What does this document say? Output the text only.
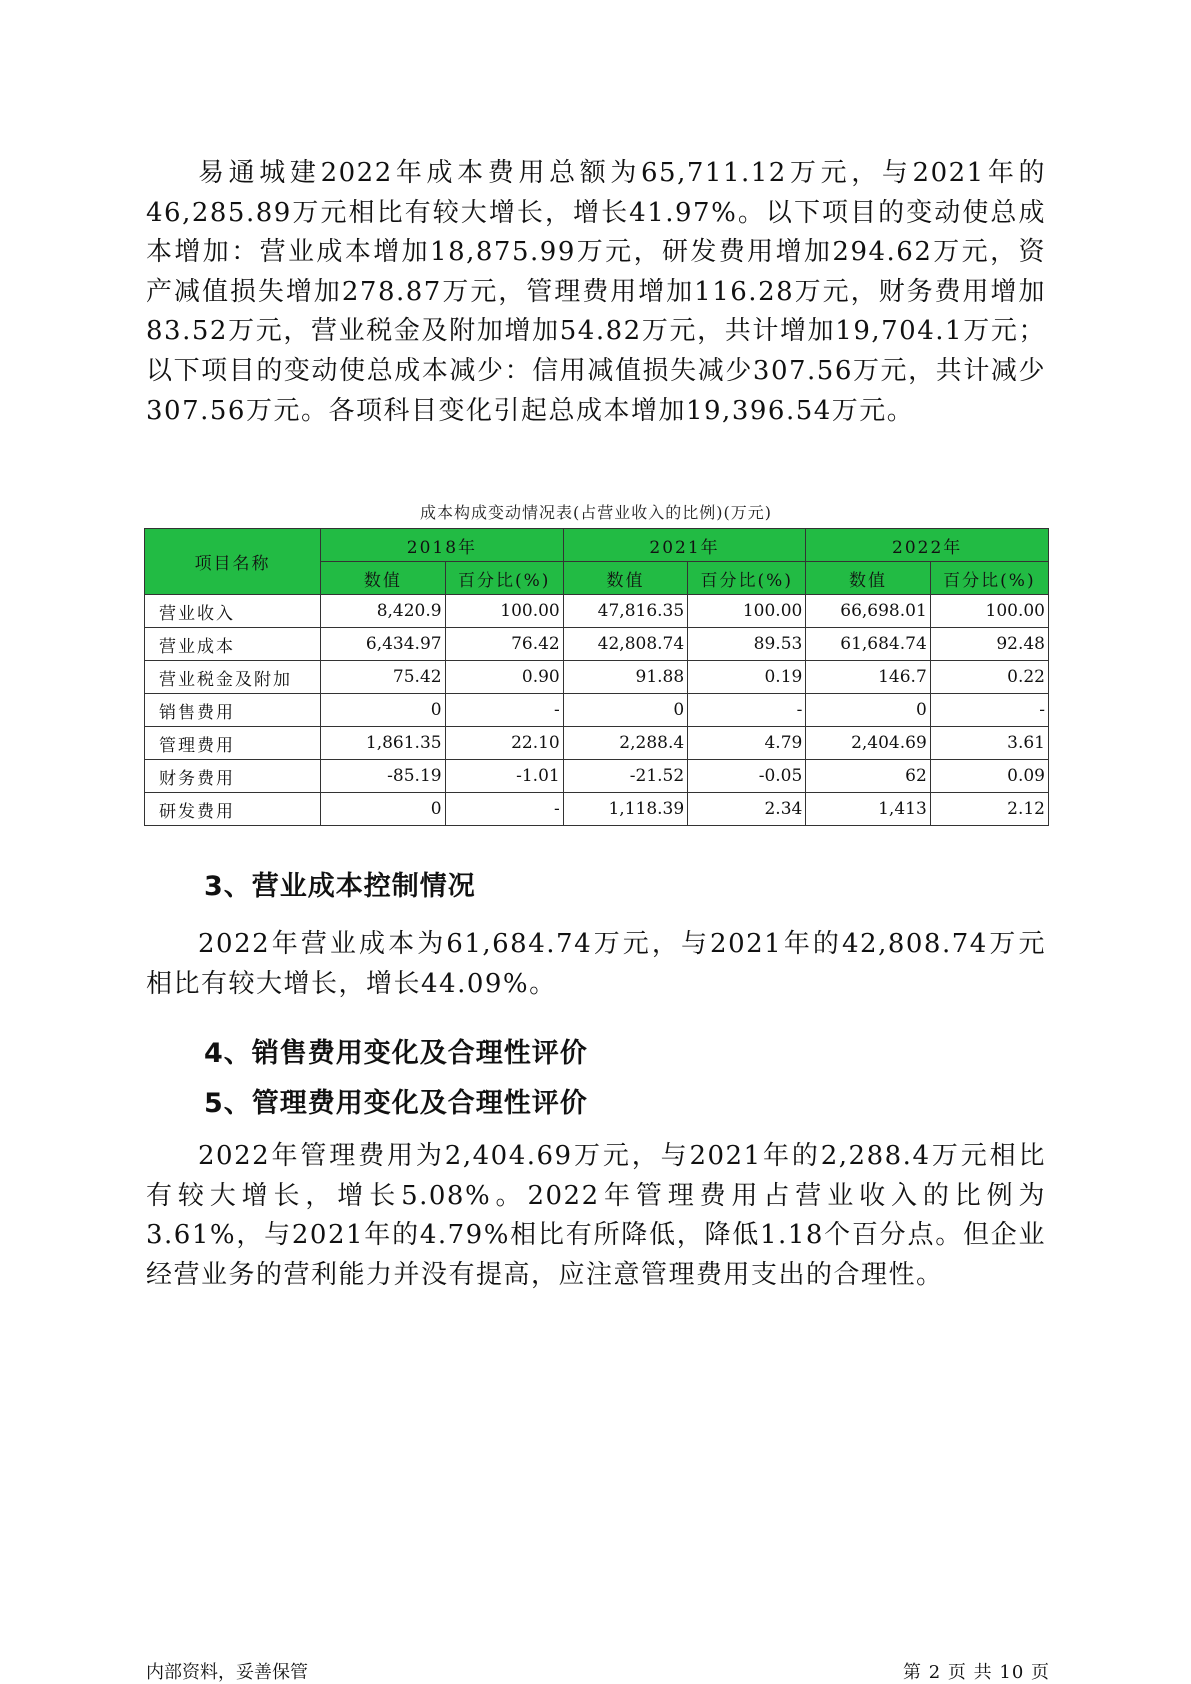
易通城建2022年成本费用总额为65,711.12万元，与2021年的46,285.89万元相比有较大增长，增长41.97%。以下项目的变动使总成本增加：营业成本增加18,875.99万元，研发费用增加294.62万元，资产减值损失增加278.87万元，管理费用增加116.28万元，财务费用增加83.52万元，营业税金及附加增加54.82万元，共计增加19,704.1万元；以下项目的变动使总成本减少：信用减值损失减少307.56万元，共计减少307.56万元。各项科目变化引起总成本增加19,396.54万元。

成本构成变动情况表(占营业收入的比例)(万元)
项目名称	2018年		2021年		2022年	
	数值	百分比(%)	数值	百分比(%)	数值	百分比(%)
营业收入	8,420.9	100.00	47,816.35	100.00	66,698.01	100.00
营业成本	6,434.97	76.42	42,808.74	89.53	61,684.74	92.48
营业税金及附加	75.42	0.90	91.88	0.19	146.7	0.22
销售费用	0	-	0	-	0	-
管理费用	1,861.35	22.10	2,288.4	4.79	2,404.69	3.61
财务费用	-85.19	-1.01	-21.52	-0.05	62	0.09
研发费用	0	-	1,118.39	2.34	1,413	2.12
3、营业成本控制情况

2022年营业成本为61,684.74万元，与2021年的42,808.74万元相比有较大增长，增长44.09%。

4、销售费用变化及合理性评价
5、管理费用变化及合理性评价

2022年管理费用为2,404.69万元，与2021年的2,288.4万元相比有较大增长，增长5.08%。2022年管理费用占营业收入的比例为3.61%，与2021年的4.79%相比有所降低，降低1.18个百分点。但企业经营业务的营利能力并没有提高，应注意管理费用支出的合理性。

内部资料，妥善保管	第 2 页 共 10 页
